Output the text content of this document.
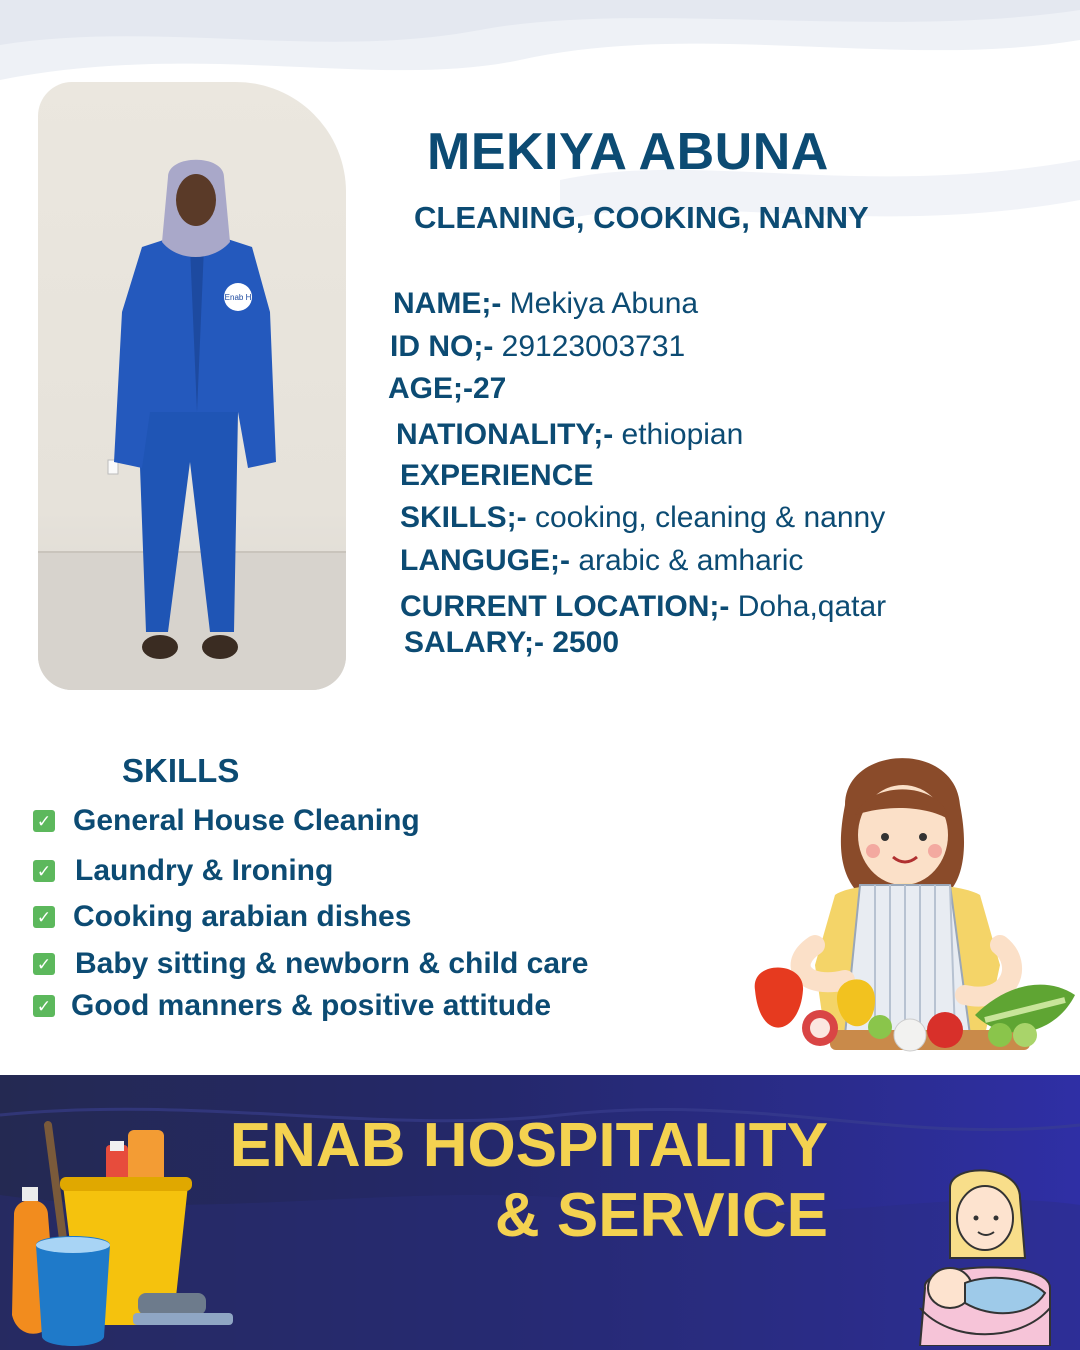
Enab H
MEKIYA ABUNA
CLEANING, COOKING, NANNY
NAME;- Mekiya Abuna
ID NO;- 29123003731
AGE;-27
NATIONALITY;- ethiopian
EXPERIENCE
SKILLS;- cooking, cleaning & nanny
LANGUGE;- arabic & amharic
CURRENT LOCATION;- Doha,qatar
SALARY;- 2500
SKILLS
✓ General House Cleaning
✓ Laundry & Ironing
✓ Cooking arabian dishes
✓ Baby sitting & newborn & child care
✓ Good manners & positive attitude
ENAB HOSPITALITY
& SERVICE
